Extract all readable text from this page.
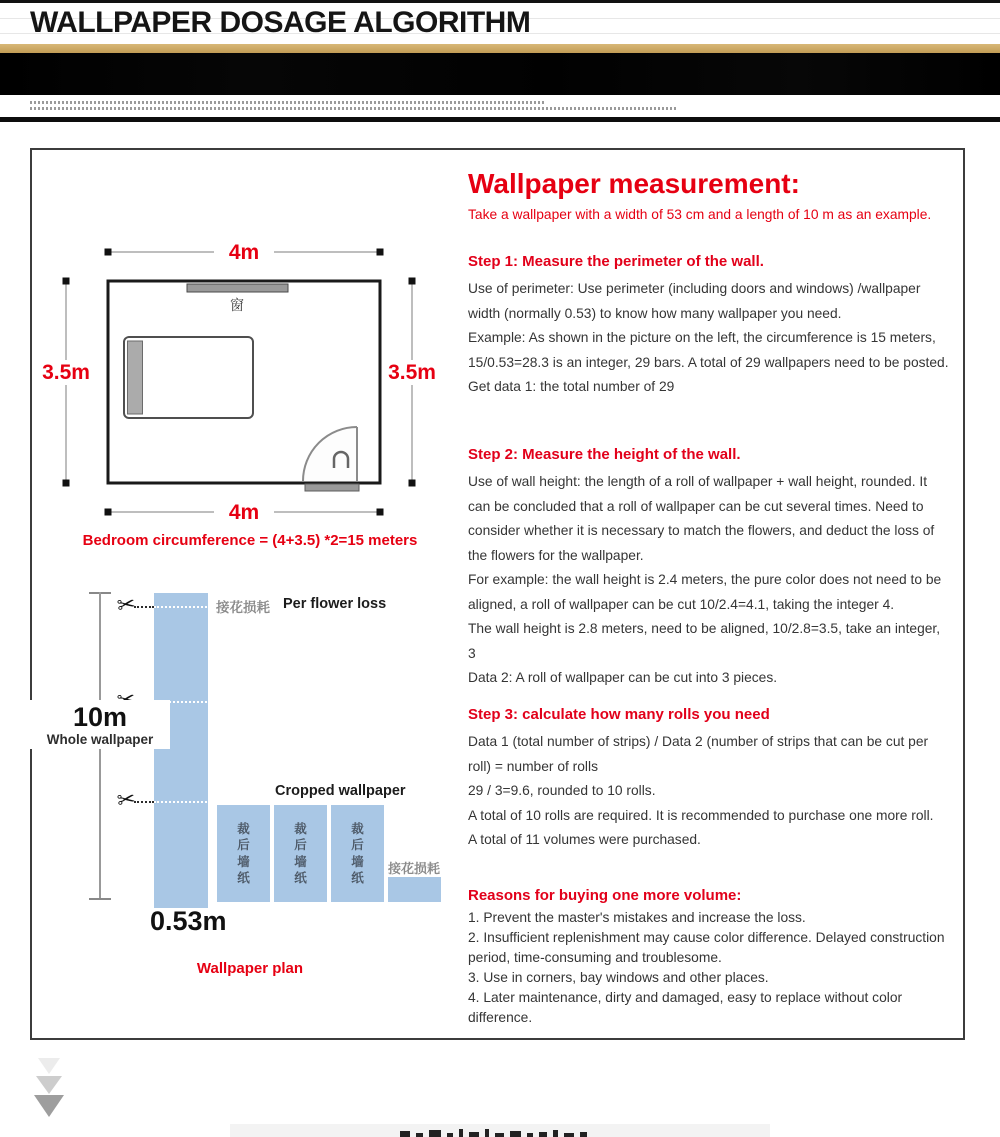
WALLPAPER DOSAGE ALGORITHM
窗
4m
4m
3.5m	3.5m
Bedroom circumference = (4+3.5) *2=15 meters
✂
✂
接花损耗 Per flower loss
10m
Whole wallpaper
Cropped wallpaper
裁后墙纸
裁后墙纸
裁后墙纸
接花损耗
0.53m
Wallpaper plan
Wallpaper measurement:
Take a wallpaper with a width of 53 cm and a length of 10 m as an example.
Step 1: Measure the perimeter of the wall.

Use of perimeter: Use perimeter (including doors and windows) /wallpaper width (normally 0.53) to know how many wallpaper you need.

Example: As shown in the picture on the left, the circumference is 15 meters, 15/0.53=28.3 is an integer, 29 bars. A total of 29 wallpapers need to be posted.

Get data 1: the total number of 29

Step 2: Measure the height of the wall.

Use of wall height: the length of a roll of wallpaper + wall height, rounded. It can be concluded that a roll of wallpaper can be cut several times. Need to consider whether it is necessary to match the flowers, and deduct the loss of the flowers for the wallpaper.

For example: the wall height is 2.4 meters, the pure color does not need to be aligned, a roll of wallpaper can be cut 10/2.4=4.1, taking the integer 4.

The wall height is 2.8 meters, need to be aligned, 10/2.8=3.5, take an integer, 3

Data 2: A roll of wallpaper can be cut into 3 pieces.

Step 3: calculate how many rolls you need

Data 1 (total number of strips) / Data 2 (number of strips that can be cut per roll) = number of rolls

29 / 3=9.6, rounded to 10 rolls.

A total of 10 rolls are required. It is recommended to purchase one more roll.

A total of 11 volumes were purchased.

Reasons for buying one more volume:

1. Prevent the master's mistakes and increase the loss.

2. Insufficient replenishment may cause color difference. Delayed construction period, time-consuming and troublesome.

3. Use in corners, bay windows and other places.

4. Later maintenance, dirty and damaged, easy to replace without color difference.
